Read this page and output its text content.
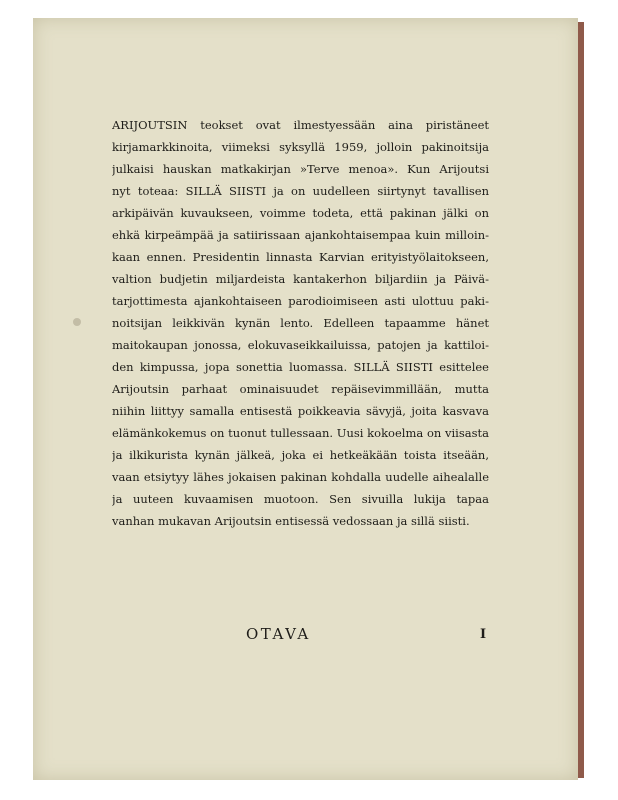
ARIJOUTSIN teokset ovat ilmestyessään aina piristäneet
kirjamarkkinoita, viimeksi syksyllä 1959, jolloin pakinoitsija
julkaisi hauskan matkakirjan »Terve menoa». Kun Arijoutsi
nyt toteaa: SILLÄ SIISTI ja on uudelleen siirtynyt tavallisen
arkipäivän kuvaukseen, voimme todeta, että pakinan jälki on
ehkä kirpeämpää ja satiirissaan ajankohtaisempaa kuin milloin-
kaan ennen. Presidentin linnasta Karvian erityistyölaitokseen,
valtion budjetin miljardeista kantakerhon biljardiin ja Päivä-
tarjottimesta ajankohtaiseen parodioimiseen asti ulottuu paki-
noitsijan leikkivän kynän lento. Edelleen tapaamme hänet
maitokaupan jonossa, elokuvaseikkailuissa, patojen ja kattiloi-
den kimpussa, jopa sonettia luomassa. SILLÄ SIISTI esittelee
Arijoutsin parhaat ominaisuudet repäisevimmillään, mutta
niihin liittyy samalla entisestä poikkeavia sävyjä, joita kasvava
elämänkokemus on tuonut tullessaan. Uusi kokoelma on viisasta
ja ilkikurista kynän jälkeä, joka ei hetkeäkään toista itseään,
vaan etsiytyy lähes jokaisen pakinan kohdalla uudelle aihealalle
ja uuteen kuvaamisen muotoon. Sen sivuilla lukija tapaa
vanhan mukavan Arijoutsin entisessä vedossaan ja sillä siisti.

OTAVA	I
